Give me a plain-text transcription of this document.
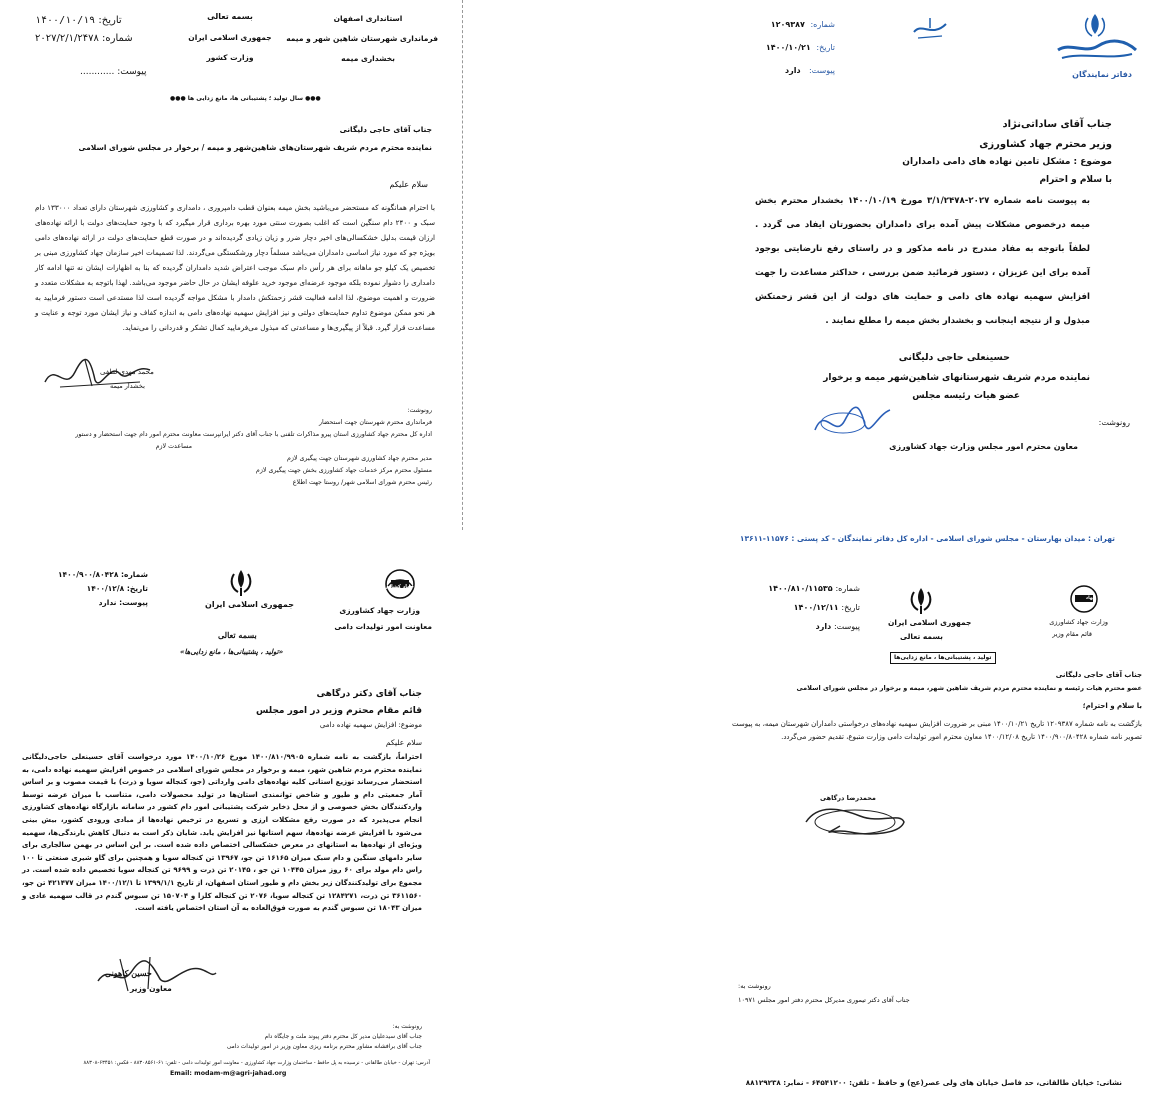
تاریخ: ۱۴۰۰/۱۰/۱۹
شماره: ۲۰۲۷/۲/۱/۲۴۷۸
پیوست: ............
بسمه تعالی
جمهوری اسلامی ایران
وزارت کشور
استانداری اصفهان
فرمانداری شهرستان شاهین شهر و میمه
بخشداری میمه
●●● سال تولید ؛ پشتیبانی ها، مانع زدایی ها ●●●
جناب آقای حاجی دلیگانی
نماینده محترم مردم شریف شهرستان‌های شاهین‌شهر و میمه / برخوار در مجلس شورای اسلامی
سلام علیکم
با احترام همانگونه که مستحضر می‌باشید بخش میمه بعنوان قطب دامپروری ، دامداری و کشاورزی شهرستان دارای تعداد ۱۳۳۰۰۰ دام سبک و ۲۴۰۰ دام سنگین است که اغلب بصورت سنتی مورد بهره برداری قرار میگیرد که با وجود حمایت‌های دولت با ارائه نهاده‌های ارزان قیمت بدلیل خشکسالی‌های اخیر دچار ضرر و زیان زیادی گردیده‌اند و در صورت قطع حمایت‌های دولت در ارائه نهاده‌های دامی بویژه جو که مورد نیاز اساسی دامداران می‌باشد مسلماً دچار ورشکستگی می‌گردند. لذا تصمیمات اخیر سازمان جهاد کشاورزی مبنی بر تخصیص یک کیلو جو ماهانه برای هر رأس دام سبک موجب اعتراض شدید دامداران گردیده که بنا به اظهارات ایشان نه تنها ادامه کار دامداری را دشوار نموده بلکه موجود عرضه‌ای موجود خرید علوفه ایشان در حال حاضر موجود می‌باشد. لهذا باتوجه به مشکلات متعدد و ضرورت و اهمیت موضوع، لذا ادامه فعالیت قشر زحمتکش دامدار با مشکل مواجه گردیده است لذا مستدعی است دستور فرمایید به هر نحو ممکن موضوع تداوم حمایت‌های دولتی و نیز افزایش سهمیه نهاده‌های دامی به اندازه کفاف و نیاز ایشان مورد توجه و عنایت و مساعدت قرار گیرد. قبلاً از پیگیری‌ها و مساعدتی که مبذول می‌فرمایید کمال تشکر و قدردانی را می‌نماید.
محمد مهدی لطفی
بخشدار میمه

رونوشت:

فرمانداری محترم شهرستان جهت استحضار

اداره کل محترم جهاد کشاورزی استان پیرو مذاکرات تلفنی با جناب آقای دکتر ایرانپرست معاونت محترم امور دام جهت استحضار و دستور

مساعدت لازم

مدیر محترم جهاد کشاورزی شهرستان جهت پیگیری لازم

مسئول محترم مرکز خدمات جهاد کشاورزی بخش جهت پیگیری لازم

رئیس محترم شورای اسلامی شهر/ روستا جهت اطلاع

دفاتر نمایندگان
شماره:  ۱۲۰۹۳۸۷
تاریخ:  ۱۴۰۰/۱۰/۲۱
پیوست:   دارد
جناب آقای ساداتی‌نژاد
وزیر محترم جهاد کشاورزی
موضوع : مشکل تامین نهاده های دامی دامداران
با سلام و احترام
به پیوست نامه شماره ۲۰۲۷-۳/۱/۲۴۷۸ مورخ ۱۴۰۰/۱۰/۱۹ بخشدار محترم بخش میمه درخصوص مشکلات پیش آمده برای دامداران بحضورتان ایفاد می گردد . لطفاً باتوجه به مفاد مندرج در نامه مذکور و در راستای رفع نارضایتی بوجود آمده برای این عزیزان ، دستور فرمائید ضمن بررسی ، حداکثر مساعدت را جهت افزایش سهمیه نهاده های دامی و حمایت های دولت از این قشر زحمتکش مبذول و از نتیجه اینجانب و بخشدار بخش میمه را مطلع نمایند .
حسینعلی حاجی دلیگانی
نماینده مردم شریف شهرستانهای شاهین‌شهر میمه و برخوار
عضو هیات رئیسه مجلس
رونوشت:
معاون محترم امور مجلس وزارت جهاد کشاورزی
تهران : میدان بهارستان - مجلس شورای اسلامی - اداره کل دفاتر نمایندگان - کد پستی : ۱۱۵۷۶-۱۳۶۱۱
شماره: ۱۴۰۰/۹۰۰/۸۰۴۲۸
تاریخ: ۱۴۰۰/۱۲/۸
پیوست: ندارد	جمهوری اسلامی ایران
بسمه تعالی
«تولید ، پشتیبانی‌ها ، مانع زدایی‌ها»
جهاد کشاورزی
وزارت جهاد کشاورزی
معاونت امور تولیدات دامی
جناب آقای دکتر درگاهی
قائم مقام محترم وزیر در امور مجلس
موضوع: افزایش سهمیه نهاده دامی
سلام علیکم
احتراماً، بازگشت به نامه شماره ۱۴۰۰/۸۱۰/۹۹۰۵ مورخ ۱۴۰۰/۱۰/۲۶ مورد درخواست آقای حسینعلی حاجی‌دلیگانی نماینده محترم مردم شاهین شهر، میمه و برخوار در مجلس شورای اسلامی در خصوص افزایش سهمیه نهاده دامی، به استحضار می‌رساند توزیع استانی کلیه نهاده‌های دامی وارداتی (جو، کنجاله سویا و ذرت) با قیمت مصوب و بر اساس آمار جمعیتی دام و طیور و شاخص توانمندی استان‌ها در تولید محصولات دامی، متناسب با میزان عرضه توسط واردکنندگان بخش خصوصی و از محل ذخایر شرکت پشتیبانی امور دام کشور در سامانه بازارگاه نهاده‌های کشاورزی انجام می‌پذیرد که در صورت رفع مشکلات ارزی و تسریع در ترخیص نهاده‌ها از مبادی ورودی کشور، بیش بینی می‌شود با افزایش عرضه نهاده‌ها، سهم استانها نیز افزایش یابد. شایان ذکر است به دنبال کاهش بارندگی‌ها، سهمیه ویژه‌ای از نهاده‌ها به استانهای در معرض خشکسالی اختصاص داده شده است. بر این اساس در بهمن سالجاری برای سایر دامهای سنگین و دام سبک میزان ۱۶۱۶۵ تن جو، ۱۳۹۶۷ تن کنجاله سویا و همچنین برای گاو شیری صنعتی تا ۱۰۰ راس دام مولد برای ۶۰ روز میزان ۱۰۴۴۵ تن جو ، ۲۰۱۴۵ تن ذرت و ۹۶۹۹ تن کنجاله سویا تخصیص داده شده است. در مجموع برای تولیدکنندگان زیر بخش دام و طیور استان اصفهان، از تاریخ ۱۳۹۹/۱/۱ تا ۱۴۰۰/۱۲/۱ میزان ۴۲۱۴۷۷ تن جو، ۳۶۱۱۵۶۰ تن ذرت، ۱۲۸۴۲۷۱ تن کنجاله سویا، ۲۰۷۶ تن کنجاله کلزا و ۱۵۰۷۰۴ تن سبوس گندم در قالب سهمیه عادی و میزان ۱۸۰۴۳ تن سبوس گندم به صورت فوق‌العاده به آن استان اختصاص یافته است.
حسین کاهونی
معاون وزیر

رونوشت به:

جناب آقای سیدعلیان مدیر کل محترم دفتر پیوند ملت و جایگاه دام

جناب آقای برافشانه مشاور محترم برنامه ریزی معاون وزیر در امور تولیدات دامی

آدرس: تهران - خیابان طالقانی - نرسیده به پل حافظ - ساختمان وزارت جهاد کشاورزی - معاونت امور تولیدات دامی - تلفن: ۶۱-۸۸۳۰۸۵۶۱ - فکس: ۶۳۴۵۱-۸۸۳۰۸
Email: modam-m@agri-jahad.org
شماره: ۱۴۰۰/۸۱۰/۱۱۵۳۵
تاریخ: ۱۴۰۰/۱۲/۱۱
پیوست: دارد	جمهوری اسلامی ایران
بسمه تعالی
تولید ، پشتیبانی‌ها ، مانع زدایی‌ها
جهاد
وزارت جهاد کشاورزی
قائم مقام وزیر
جناب آقای حاجی دلیگانی
عضو محترم هیات رئیسه و نماینده محترم مردم شریف شاهین شهر، میمه و برخوار در مجلس شورای اسلامی
با سلام و احترام؛
بازگشت به نامه شماره ۱۲۰۹۳۸۷ تاریخ ۱۴۰۰/۱۰/۲۱ مبنی بر ضرورت افزایش سهمیه نهاده‌های درخواستی دامداران شهرستان میمه، به پیوست تصویر نامه شماره ۱۴۰۰/۹۰۰/۸۰۴۲۸ تاریخ ۱۴۰۰/۱۲/۰۸ معاون محترم امور تولیدات دامی وزارت متبوع، تقدیم حضور می‌گردد.
محمدرضا درگاهی
رونوشت به:
جناب آقای دکتر تیموری مدیرکل محترم دفتر امور مجلس ۱۰۹۷۱
نشانی: خیابان طالقانی، حد فاصل خیابان های ولی عصر(عج) و حافظ - تلفن: ۶۴۵۴۱۲۰۰ - نمابر: ۸۸۱۲۹۲۳۸
